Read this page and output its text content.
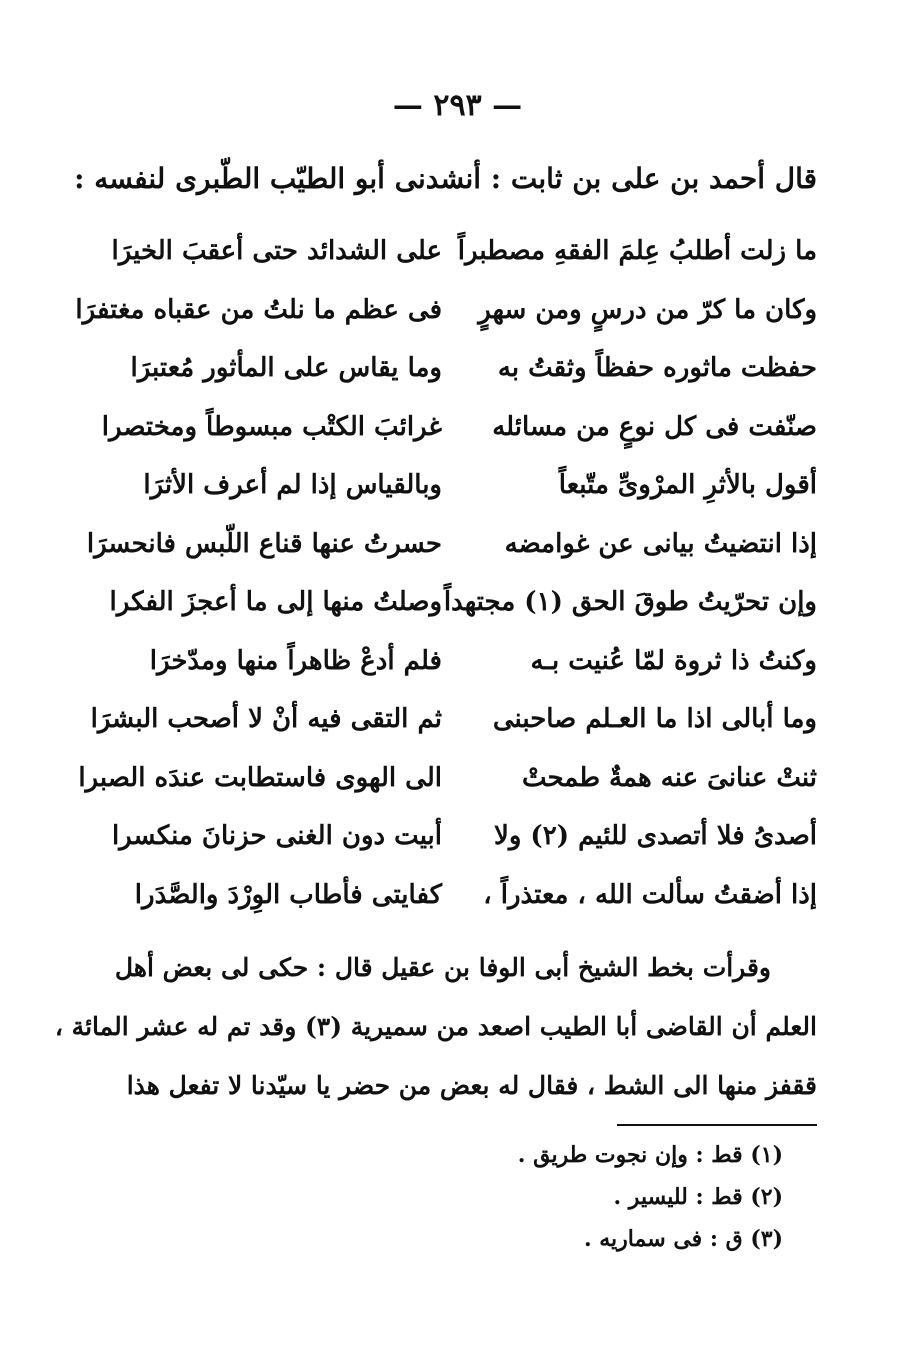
— ٢٩٣ —
قال أحمد بن على بن ثابت : أنشدنى أبو الطيّب الطّبرى لنفسه :
ما زلت أطلبُ عِلمَ الفقهِ مصطبراً
على الشدائد حتى أعقبَ الخيرَا
وكان ما كرّ من درسٍ ومن سهرٍ
فى عظم ما نلتُ من عقباه مغتفرَا
حفظت ماثوره حفظاً وثقتُ به
وما يقاس على المأثور مُعتبرَا
صنّفت فى كل نوعٍ من مسائله
غرائبَ الكتْب مبسوطاً ومختصرا
أقول بالأثرِ المرْوىِّ متّبعاً
وبالقياس إذا لم أعرف الأثرَا
إذا انتضيتُ بيانى عن غوامضه
حسرتُ عنها قناع اللّبس فانحسرَا
وإن تحرّيتُ طوقَ الحق (١) مجتهداً
وصلتُ منها إلى ما أعجزَ الفكرا
وكنتُ ذا ثروة لمّا عُنيت بـه
فلم أدعْ ظاهراً منها ومدّخرَا
وما أبالى اذا ما العـلم صاحبنى
ثم التقى فيه أنْ لا أصحب البشرَا
ثنتْ عنانىَ عنه همةٌ طمحتْ
الى الهوى فاستطابت عندَه الصبرا
أصدىُ فلا أتصدى للئيم (٢) ولا
أبيت دون الغنى حزنانَ منكسرا
إذا أضقتُ سألت الله ، معتذراً ،
كفايتى فأطاب الوِرْدَ والصَّدَرا
وقرأت بخط الشيخ أبى الوفا بن عقيل قال : حكى لى بعض أهل
العلم أن القاضى أبا الطيب اصعد من سميرية (٣) وقد تم له عشر المائة ،
ققفز منها الى الشط ، فقال له بعض من حضر يا سيّدنا لا تفعل هذا
(١) قط : وإن نجوت طريق .
(٢) قط : لليسير .
(٣) ق : فى سماريه .
